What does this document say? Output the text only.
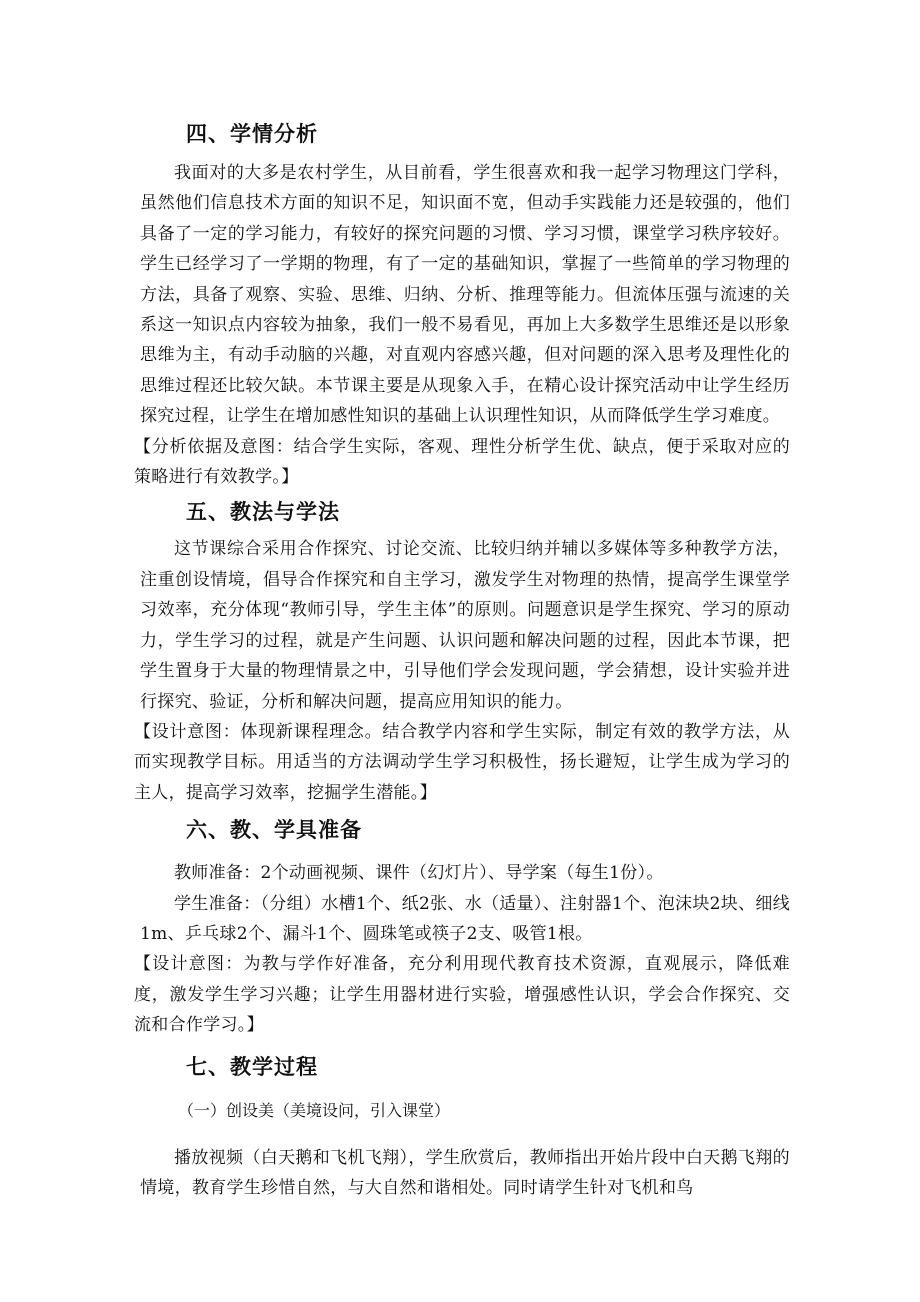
四、学情分析

我面对的大多是农村学生，从目前看，学生很喜欢和我一起学习物理这门学科，虽然他们信息技术方面的知识不足，知识面不宽，但动手实践能力还是较强的，他们具备了一定的学习能力，有较好的探究问题的习惯、学习习惯，课堂学习秩序较好。学生已经学习了一学期的物理，有了一定的基础知识，掌握了一些简单的学习物理的方法，具备了观察、实验、思维、归纳、分析、推理等能力。但流体压强与流速的关系这一知识点内容较为抽象，我们一般不易看见，再加上大多数学生思维还是以形象思维为主，有动手动脑的兴趣，对直观内容感兴趣，但对问题的深入思考及理性化的思维过程还比较欠缺。本节课主要是从现象入手，在精心设计探究活动中让学生经历探究过程，让学生在增加感性知识的基础上认识理性知识，从而降低学生学习难度。

【分析依据及意图：结合学生实际，客观、理性分析学生优、缺点，便于采取对应的策略进行有效教学。】

五、教法与学法

这节课综合采用合作探究、讨论交流、比较归纳并辅以多媒体等多种教学方法，注重创设情境，倡导合作探究和自主学习，激发学生对物理的热情，提高学生课堂学习效率，充分体现“教师引导，学生主体”的原则。问题意识是学生探究、学习的原动力，学生学习的过程，就是产生问题、认识问题和解决问题的过程，因此本节课，把学生置身于大量的物理情景之中，引导他们学会发现问题，学会猜想，设计实验并进行探究、验证，分析和解决问题，提高应用知识的能力。

【设计意图：体现新课程理念。结合教学内容和学生实际，制定有效的教学方法，从而实现教学目标。用适当的方法调动学生学习积极性，扬长避短，让学生成为学习的主人，提高学习效率，挖掘学生潜能。】

六、教、学具准备

教师准备：2个动画视频、课件（幻灯片）、导学案（每生1份）。

学生准备：（分组）水槽1个、纸2张、水（适量）、注射器1个、泡沫块2块、细线1m、乒乓球2个、漏斗1个、圆珠笔或筷子2支、吸管1根。

【设计意图：为教与学作好准备，充分利用现代教育技术资源，直观展示，降低难度，激发学生学习兴趣；让学生用器材进行实验，增强感性认识，学会合作探究、交流和合作学习。】

七、教学过程
（一）创设美（美境设问，引入课堂）

播放视频（白天鹅和飞机飞翔），学生欣赏后，教师指出开始片段中白天鹅飞翔的情境，教育学生珍惜自然，与大自然和谐相处。同时请学生针对飞机和鸟
